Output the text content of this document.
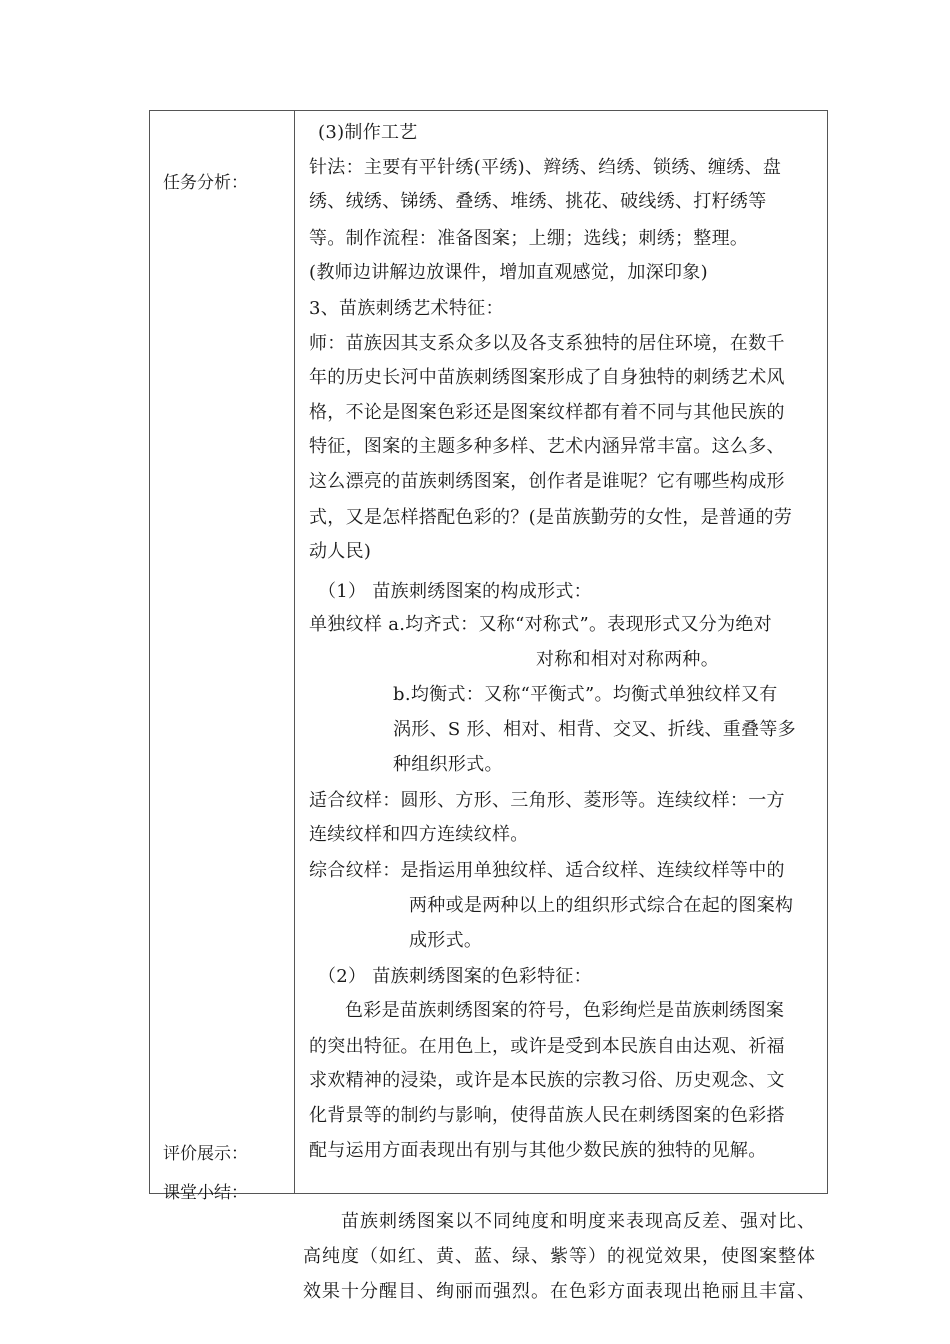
任务分析：
评价展示：
课堂小结：
(3)制作工艺
针法：主要有平针绣(平绣)、辫绣、绉绣、锁绣、缠绣、盘
绣、绒绣、锑绣、叠绣、堆绣、挑花、破线绣、打籽绣等
等。制作流程：准备图案；上绷；选线；刺绣；整理。
(教师边讲解边放课件，增加直观感觉，加深印象)
3、苗族刺绣艺术特征：
师：苗族因其支系众多以及各支系独特的居住环境，在数千
年的历史长河中苗族刺绣图案形成了自身独特的刺绣艺术风
格，不论是图案色彩还是图案纹样都有着不同与其他民族的
特征，图案的主题多种多样、艺术内涵异常丰富。这么多、
这么漂亮的苗族刺绣图案，创作者是谁呢？它有哪些构成形
式，又是怎样搭配色彩的？(是苗族勤劳的女性，是普通的劳
动人民)
（1） 苗族刺绣图案的构成形式：
单独纹样 a.均齐式：又称“对称式”。表现形式又分为绝对
对称和相对对称两种。
b.均衡式：又称“平衡式”。均衡式单独纹样又有
涡形、S 形、相对、相背、交叉、折线、重叠等多
种组织形式。
适合纹样：圆形、方形、三角形、菱形等。连续纹样：一方
连续纹样和四方连续纹样。
综合纹样：是指运用单独纹样、适合纹样、连续纹样等中的
两种或是两种以上的组织形式综合在起的图案构
成形式。
（2） 苗族刺绣图案的色彩特征：
色彩是苗族刺绣图案的符号，色彩绚烂是苗族刺绣图案
的突出特征。在用色上，或许是受到本民族自由达观、祈福
求欢精神的浸染，或许是本民族的宗教习俗、历史观念、文
化背景等的制约与影响，使得苗族人民在刺绣图案的色彩搭
配与运用方面表现出有别与其他少数民族的独特的见解。
苗族刺绣图案以不同纯度和明度来表现高反差、强对比、
高纯度（如红、黄、蓝、绿、紫等）的视觉效果，使图案整体
效果十分醒目、绚丽而强烈。在色彩方面表现出艳丽且丰富、
